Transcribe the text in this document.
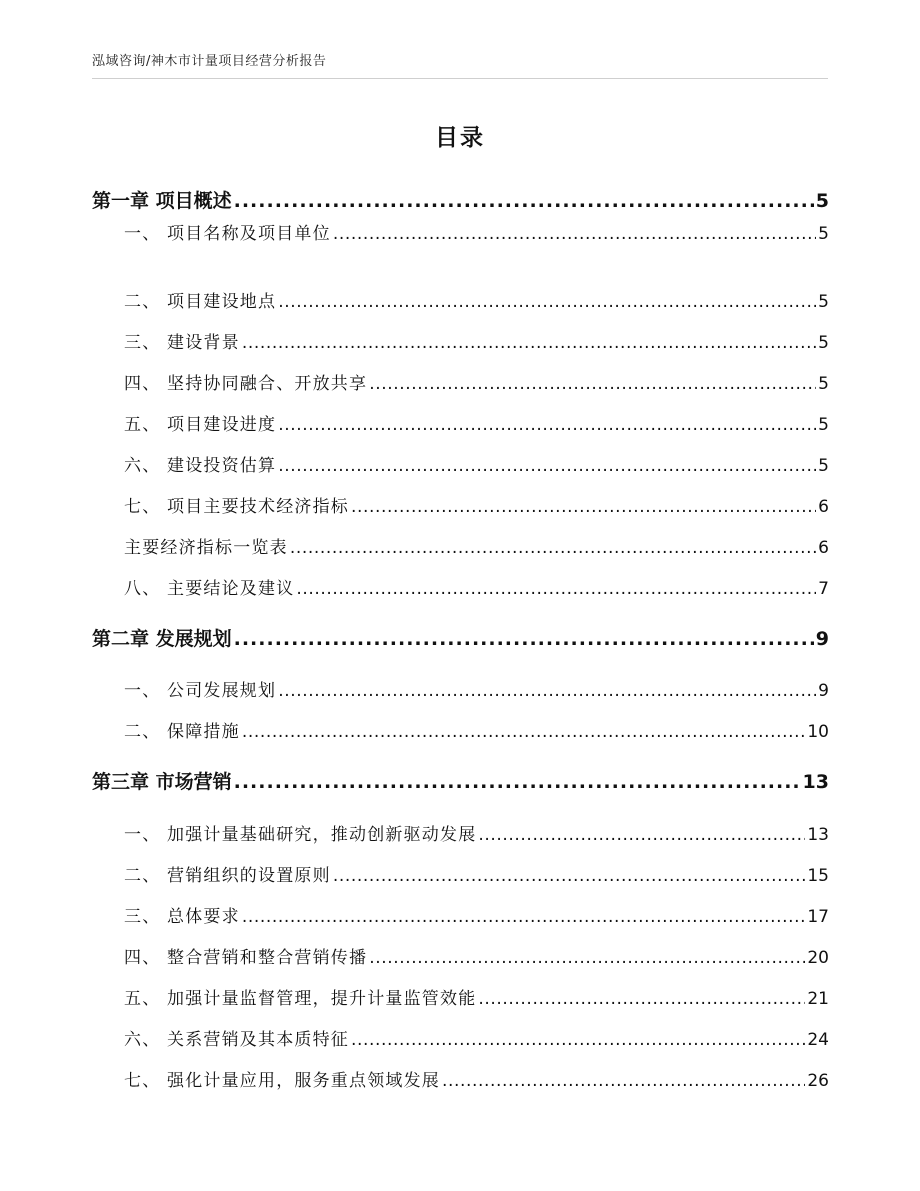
泓域咨询/神木市计量项目经营分析报告
目录
第一章 项目概述 .....	5
一、 项目名称及项目单位 .....	5
二、 项目建设地点 .....	5
三、 建设背景 .....	5
四、 坚持协同融合、开放共享 .....	5
五、 项目建设进度 .....	5
六、 建设投资估算 .....	5
七、 项目主要技术经济指标 .....	6
主要经济指标一览表 .....	6
八、 主要结论及建议 .....	7
第二章 发展规划 .....	9
一、 公司发展规划 .....	9
二、 保障措施 .....	10
第三章 市场营销 .....	13
一、 加强计量基础研究，推动创新驱动发展 .....	13
二、 营销组织的设置原则 .....	15
三、 总体要求 .....	17
四、 整合营销和整合营销传播 .....	20
五、 加强计量监督管理，提升计量监管效能 .....	21
六、 关系营销及其本质特征 .....	24
七、 强化计量应用，服务重点领域发展 .....	26
